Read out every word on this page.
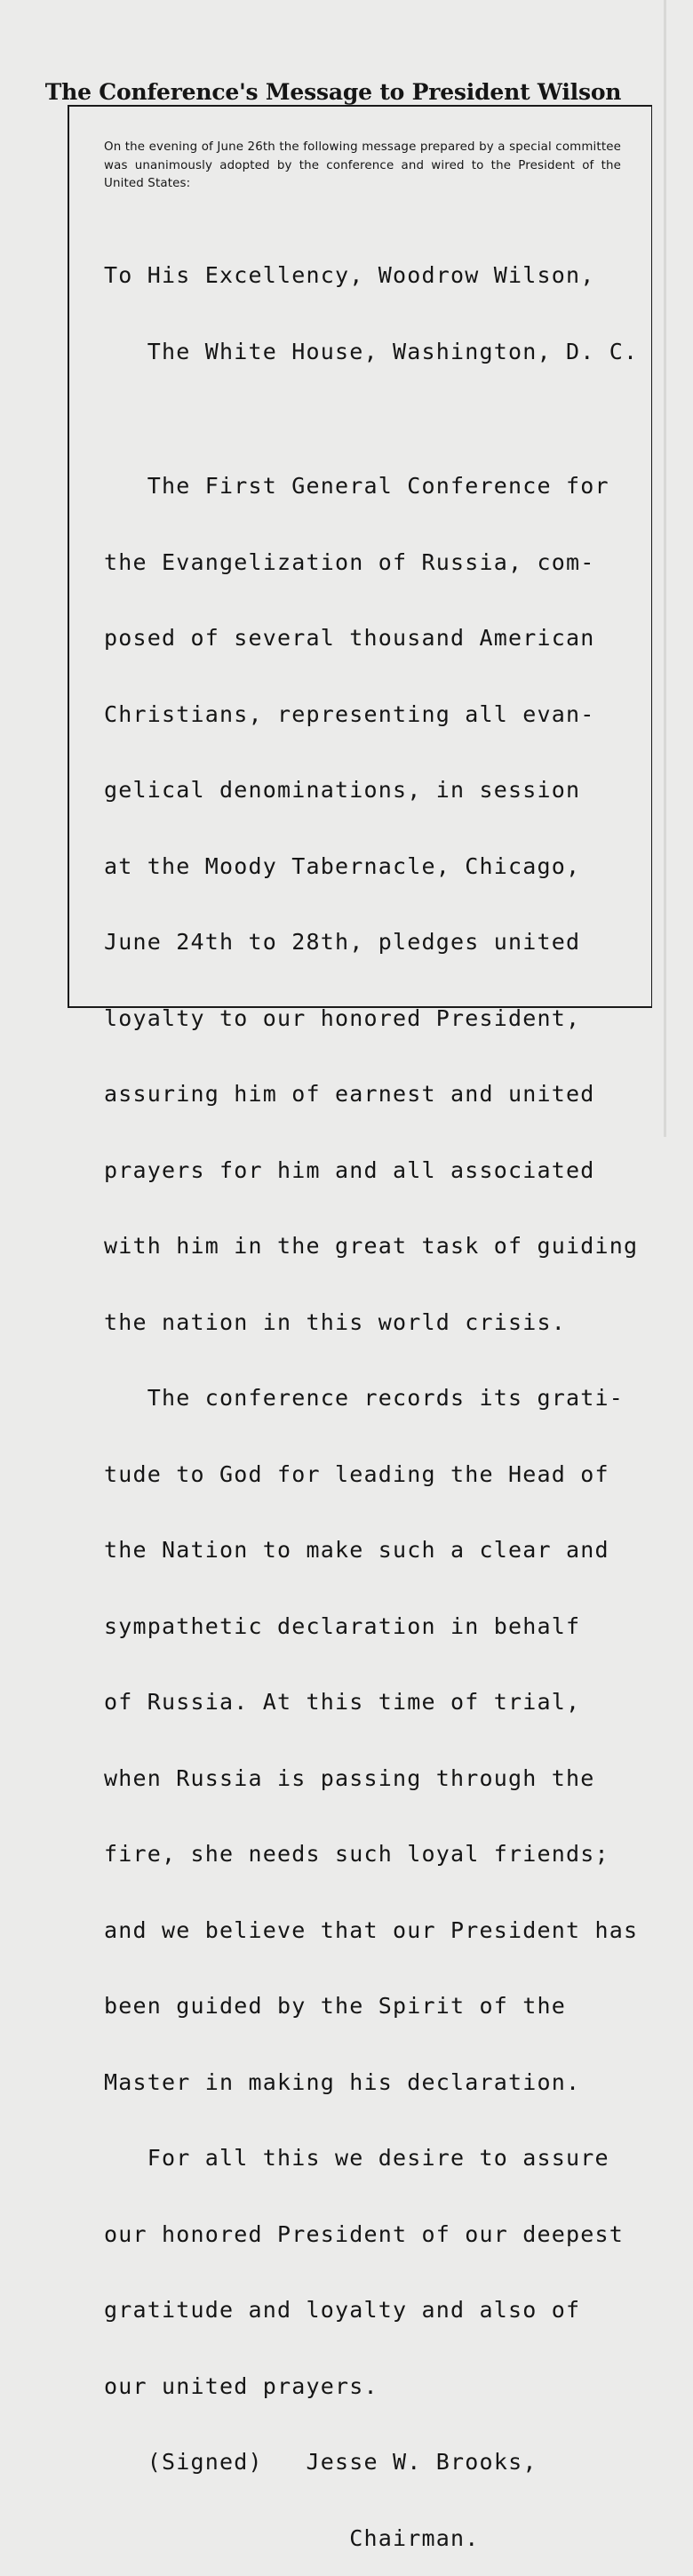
The Conference's Message to President Wilson

On the evening of June 26th the following message prepared by a special committee was unanimously adopted by the conference and wired to the President of the United States:

To His Excellency, Woodrow Wilson,

The White House, Washington, D. C.

The First General Conference for

the Evangelization of Russia, com-

posed of several thousand American

Christians, representing all evan-

gelical denominations, in session

at the Moody Tabernacle, Chicago,

June 24th to 28th, pledges united

loyalty to our honored President,

assuring him of earnest and united

prayers for him and all associated

with him in the great task of guiding

the nation in this world crisis.

The conference records its grati-

tude to God for leading the Head of

the Nation to make such a clear and

sympathetic declaration in behalf

of Russia. At this time of trial,

when Russia is passing through the

fire, she needs such loyal friends;

and we believe that our President has

been guided by the Spirit of the

Master in making his declaration.

For all this we desire to assure

our honored President of our deepest

gratitude and loyalty and also of

our united prayers.

(Signed) Jesse W. Brooks,

Chairman.
